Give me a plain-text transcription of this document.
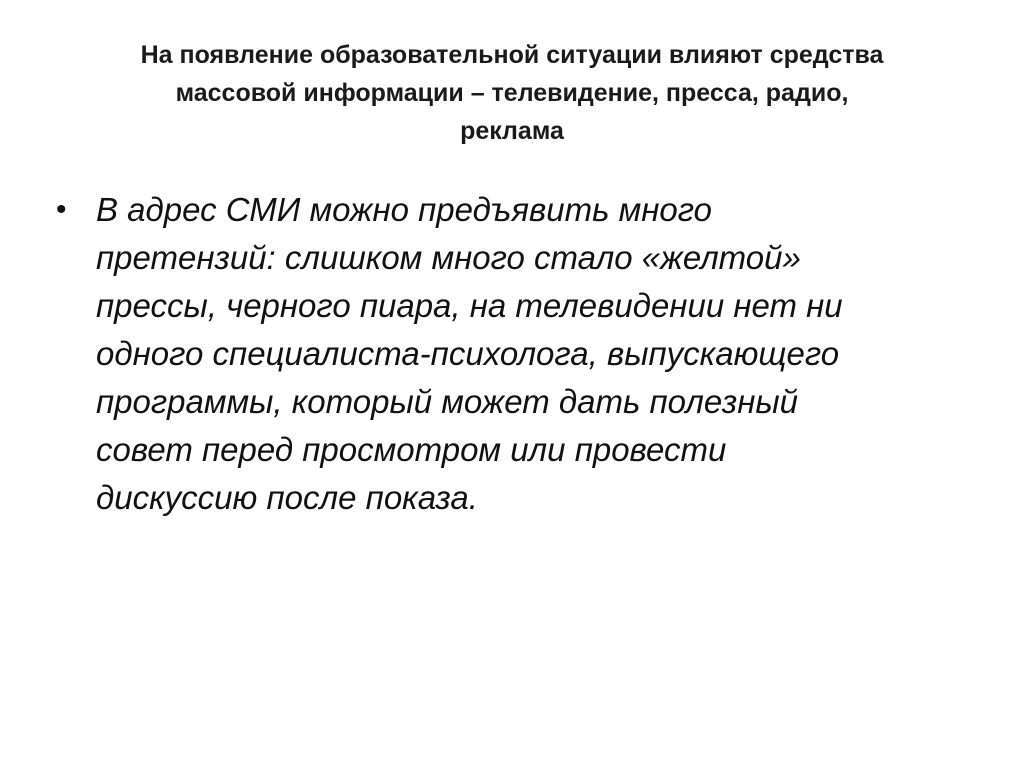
На появление образовательной ситуации влияют средства
массовой информации – телевидение, пресса, радио,
реклама
• В адрес СМИ можно предъявить много
претензий: слишком много стало «желтой»
прессы, черного пиара, на телевидении нет ни
одного специалиста-психолога, выпускающего
программы, который может дать полезный
совет перед просмотром или провести
дискуссию после показа.
